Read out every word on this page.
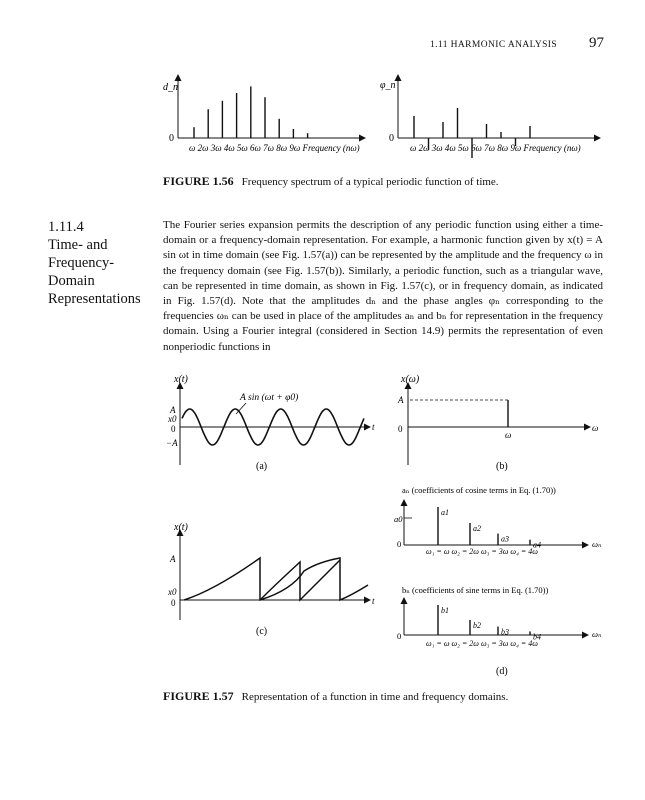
1.11 HARMONIC ANALYSIS 97
d_n
0
ω 2ω 3ω 4ω 5ω 6ω 7ω 8ω 9ω Frequency (nω)
φ_n
0
ω 2ω 3ω 4ω 5ω 6ω 7ω 8ω 9ω Frequency (nω)
x(t)
A sin (ωt + φ0)
A
x0
0
−A
t
(a)
x(ω)
A
0
ω
ω
(b)
x(t)
A
x0
0	t
(c)
aₙ (coefficients of cosine terms in Eq. (1.70))
a0
0
a1
a2
a3
a4
ω₁ = ω ω₂ = 2ω ω₃ = 3ω ω₄ = 4ω
ωₙ
bₙ (coefficients of sine terms in Eq. (1.70))
0
b1
b2
b3
b4
ω₁ = ω ω₂ = 2ω ω₃ = 3ω ω₄ = 4ω
ωₙ
(d)
FIGURE 1.56 Frequency spectrum of a typical periodic function of time.
1.11.4
Time- and
Frequency-
Domain
Representations
The Fourier series expansion permits the description of any periodic function using either a time-domain or a frequency-domain representation. For example, a harmonic function given by x(t) = A sin ωt in time domain (see Fig. 1.57(a)) can be represented by the amplitude and the frequency ω in the frequency domain (see Fig. 1.57(b)). Similarly, a periodic function, such as a triangular wave, can be represented in time domain, as shown in Fig. 1.57(c), or in frequency domain, as indicated in Fig. 1.57(d). Note that the amplitudes dₙ and the phase angles φₙ corresponding to the frequencies ωₙ can be used in place of the amplitudes aₙ and bₙ for representation in the frequency domain. Using a Fourier integral (considered in Section 14.9) permits the representation of even nonperiodic functions in
FIGURE 1.57 Representation of a function in time and frequency domains.
